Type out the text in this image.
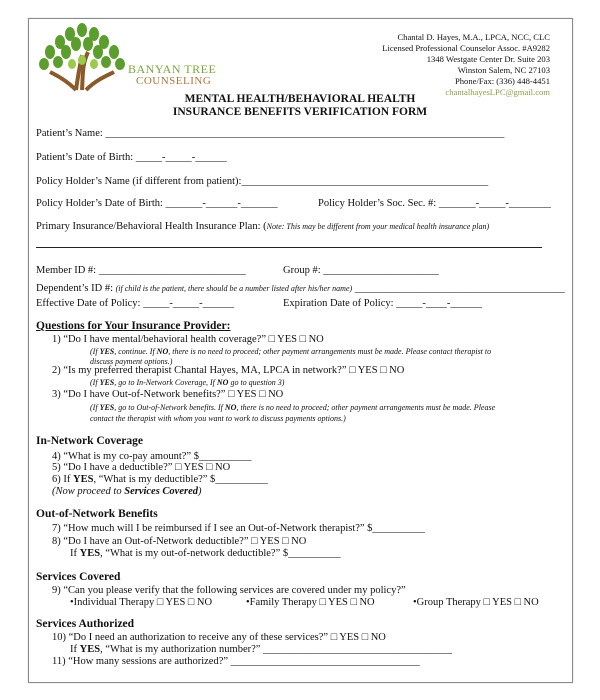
BANYAN TREE
COUNSELING
Chantal D. Hayes, M.A., LPCA, NCC, CLC
Licensed Professional Counselor Assoc. #A9282
1348 Westgate Center Dr. Suite 203
Winston Salem, NC 27103
Phone/Fax: (336) 448-4451
chantalhayesLPC@gmail.com
MENTAL HEALTH/BEHAVIORAL HEALTH
INSURANCE BENEFITS VERIFICATION FORM
Patient’s Name: ____________________________________________________________________________
Patient’s Date of Birth: _____-_____-______
Policy Holder’s Name (if different from patient):_______________________________________________
Policy Holder’s Date of Birth: _______-______-_______	Policy Holder’s Soc. Sec. #: _______-_____-________
Primary Insurance/Behavioral Health Insurance Plan: (Note: This may be different from your medical health insurance plan)
Member ID #: ____________________________	Group #: ______________________
Dependent’s ID #: (if child is the patient, there should be a number listed after his/her name) ________________________________________
Effective Date of Policy: _____-_____-______	Expiration Date of Policy: _____-____-______
Questions for Your Insurance Provider:
1) “Do I have mental/behavioral health coverage?” □ YES □ NO
(If YES, continue. If NO, there is no need to proceed; other payment arrangements must be made. Please contact therapist to
discuss payment options.)
2) “Is my preferred therapist Chantal Hayes, MA, LPCA in network?” □ YES □ NO
(If YES, go to In-Network Coverage, If NO go to question 3)
3) “Do I have Out-of-Network benefits?” □ YES □ NO
(If YES, go to Out-of-Network benefits. If NO, there is no need to proceed; other payment arrangements must be made. Please
contact the therapist with whom you want to work to discuss payments options.)
In-Network Coverage
4) “What is my co-pay amount?” $__________
5) “Do I have a deductible?” □ YES □ NO
6) If YES, “What is my deductible?” $__________
(Now proceed to Services Covered)
Out-of-Network Benefits
7) “How much will I be reimbursed if I see an Out-of-Network therapist?” $__________
8) “Do I have an Out-of-Network deductible?” □ YES □ NO
If YES, “What is my out-of-network deductible?” $__________
Services Covered
9) “Can you please verify that the following services are covered under my policy?”
•Individual Therapy □ YES □ NO	•Family Therapy □ YES □ NO	•Group Therapy □ YES □ NO
Services Authorized
10) “Do I need an authorization to receive any of these services?” □ YES □ NO
If YES, “What is my authorization number?” ____________________________________
11) “How many sessions are authorized?” ____________________________________
